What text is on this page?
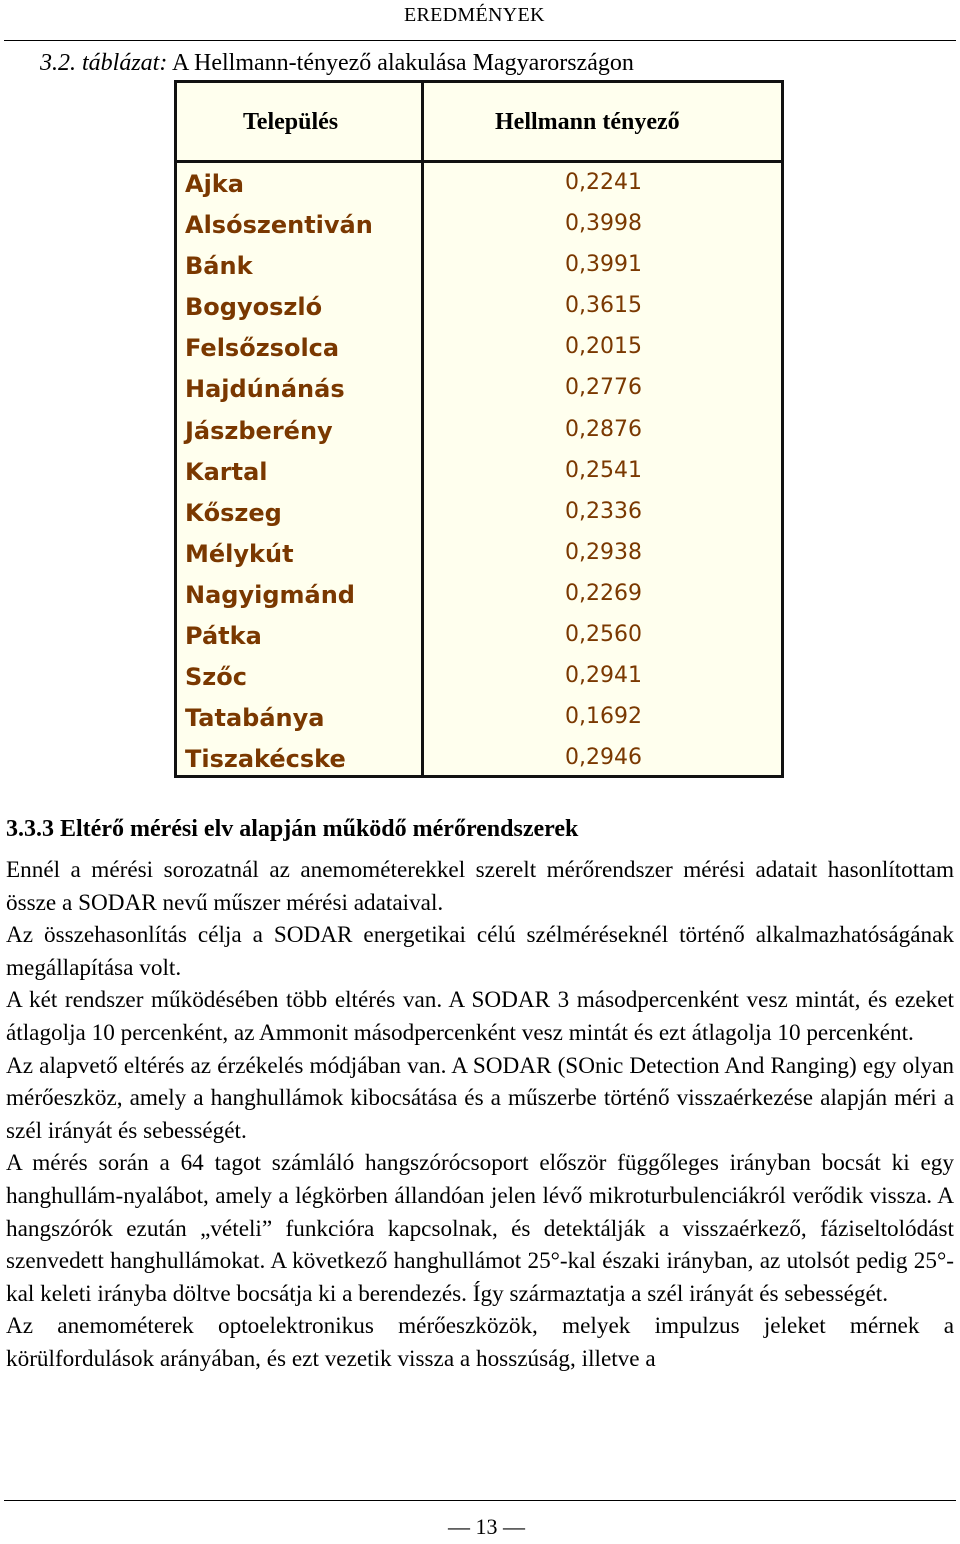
EREDMÉNYEK
3.2. táblázat: A Hellmann-tényező alakulása Magyarországon
Település	Hellmann tényező
Ajka	0,2241
Alsószentiván	0,3998
Bánk	0,3991
Bogyoszló	0,3615
Felsőzsolca	0,2015
Hajdúnánás	0,2776
Jászberény	0,2876
Kartal	0,2541
Kőszeg	0,2336
Mélykút	0,2938
Nagyigmánd	0,2269
Pátka	0,2560
Szőc	0,2941
Tatabánya	0,1692
Tiszakécske	0,2946
3.3.3 Eltérő mérési elv alapján működő mérőrendszerek

Ennél a mérési sorozatnál az anemométerekkel szerelt mérőrendszer mérési adatait hasonlítottam össze a SODAR nevű műszer mérési adataival.

Az összehasonlítás célja a SODAR energetikai célú szélméréseknél történő alkalmazhatóságának megállapítása volt.

A két rendszer működésében több eltérés van. A SODAR 3 másodpercenként vesz mintát, és ezeket átlagolja 10 percenként, az Ammonit másodpercenként vesz mintát és ezt átlagolja 10 percenként.

Az alapvető eltérés az érzékelés módjában van. A SODAR (SOnic Detection And Ranging) egy olyan mérőeszköz, amely a hanghullámok kibocsátása és a műszerbe történő visszaérkezése alapján méri a szél irányát és sebességét.

A mérés során a 64 tagot számláló hangszórócsoport először függőleges irányban bocsát ki egy hanghullám-nyalábot, amely a légkörben állandóan jelen lévő mikroturbulenciákról verődik vissza. A hangszórók ezután „vételi” funkcióra kapcsolnak, és detektálják a visszaérkező, fáziseltolódást szenvedett hanghullámokat. A következő hanghullámot 25°-kal északi irányban, az utolsót pedig 25°-kal keleti irányba döltve bocsátja ki a berendezés. Így származtatja a szél irányát és sebességét.

Az anemométerek optoelektronikus mérőeszközök, melyek impulzus jeleket mérnek a körülfordulások arányában, és ezt vezetik vissza a hosszúság, illetve a

— 13 —
